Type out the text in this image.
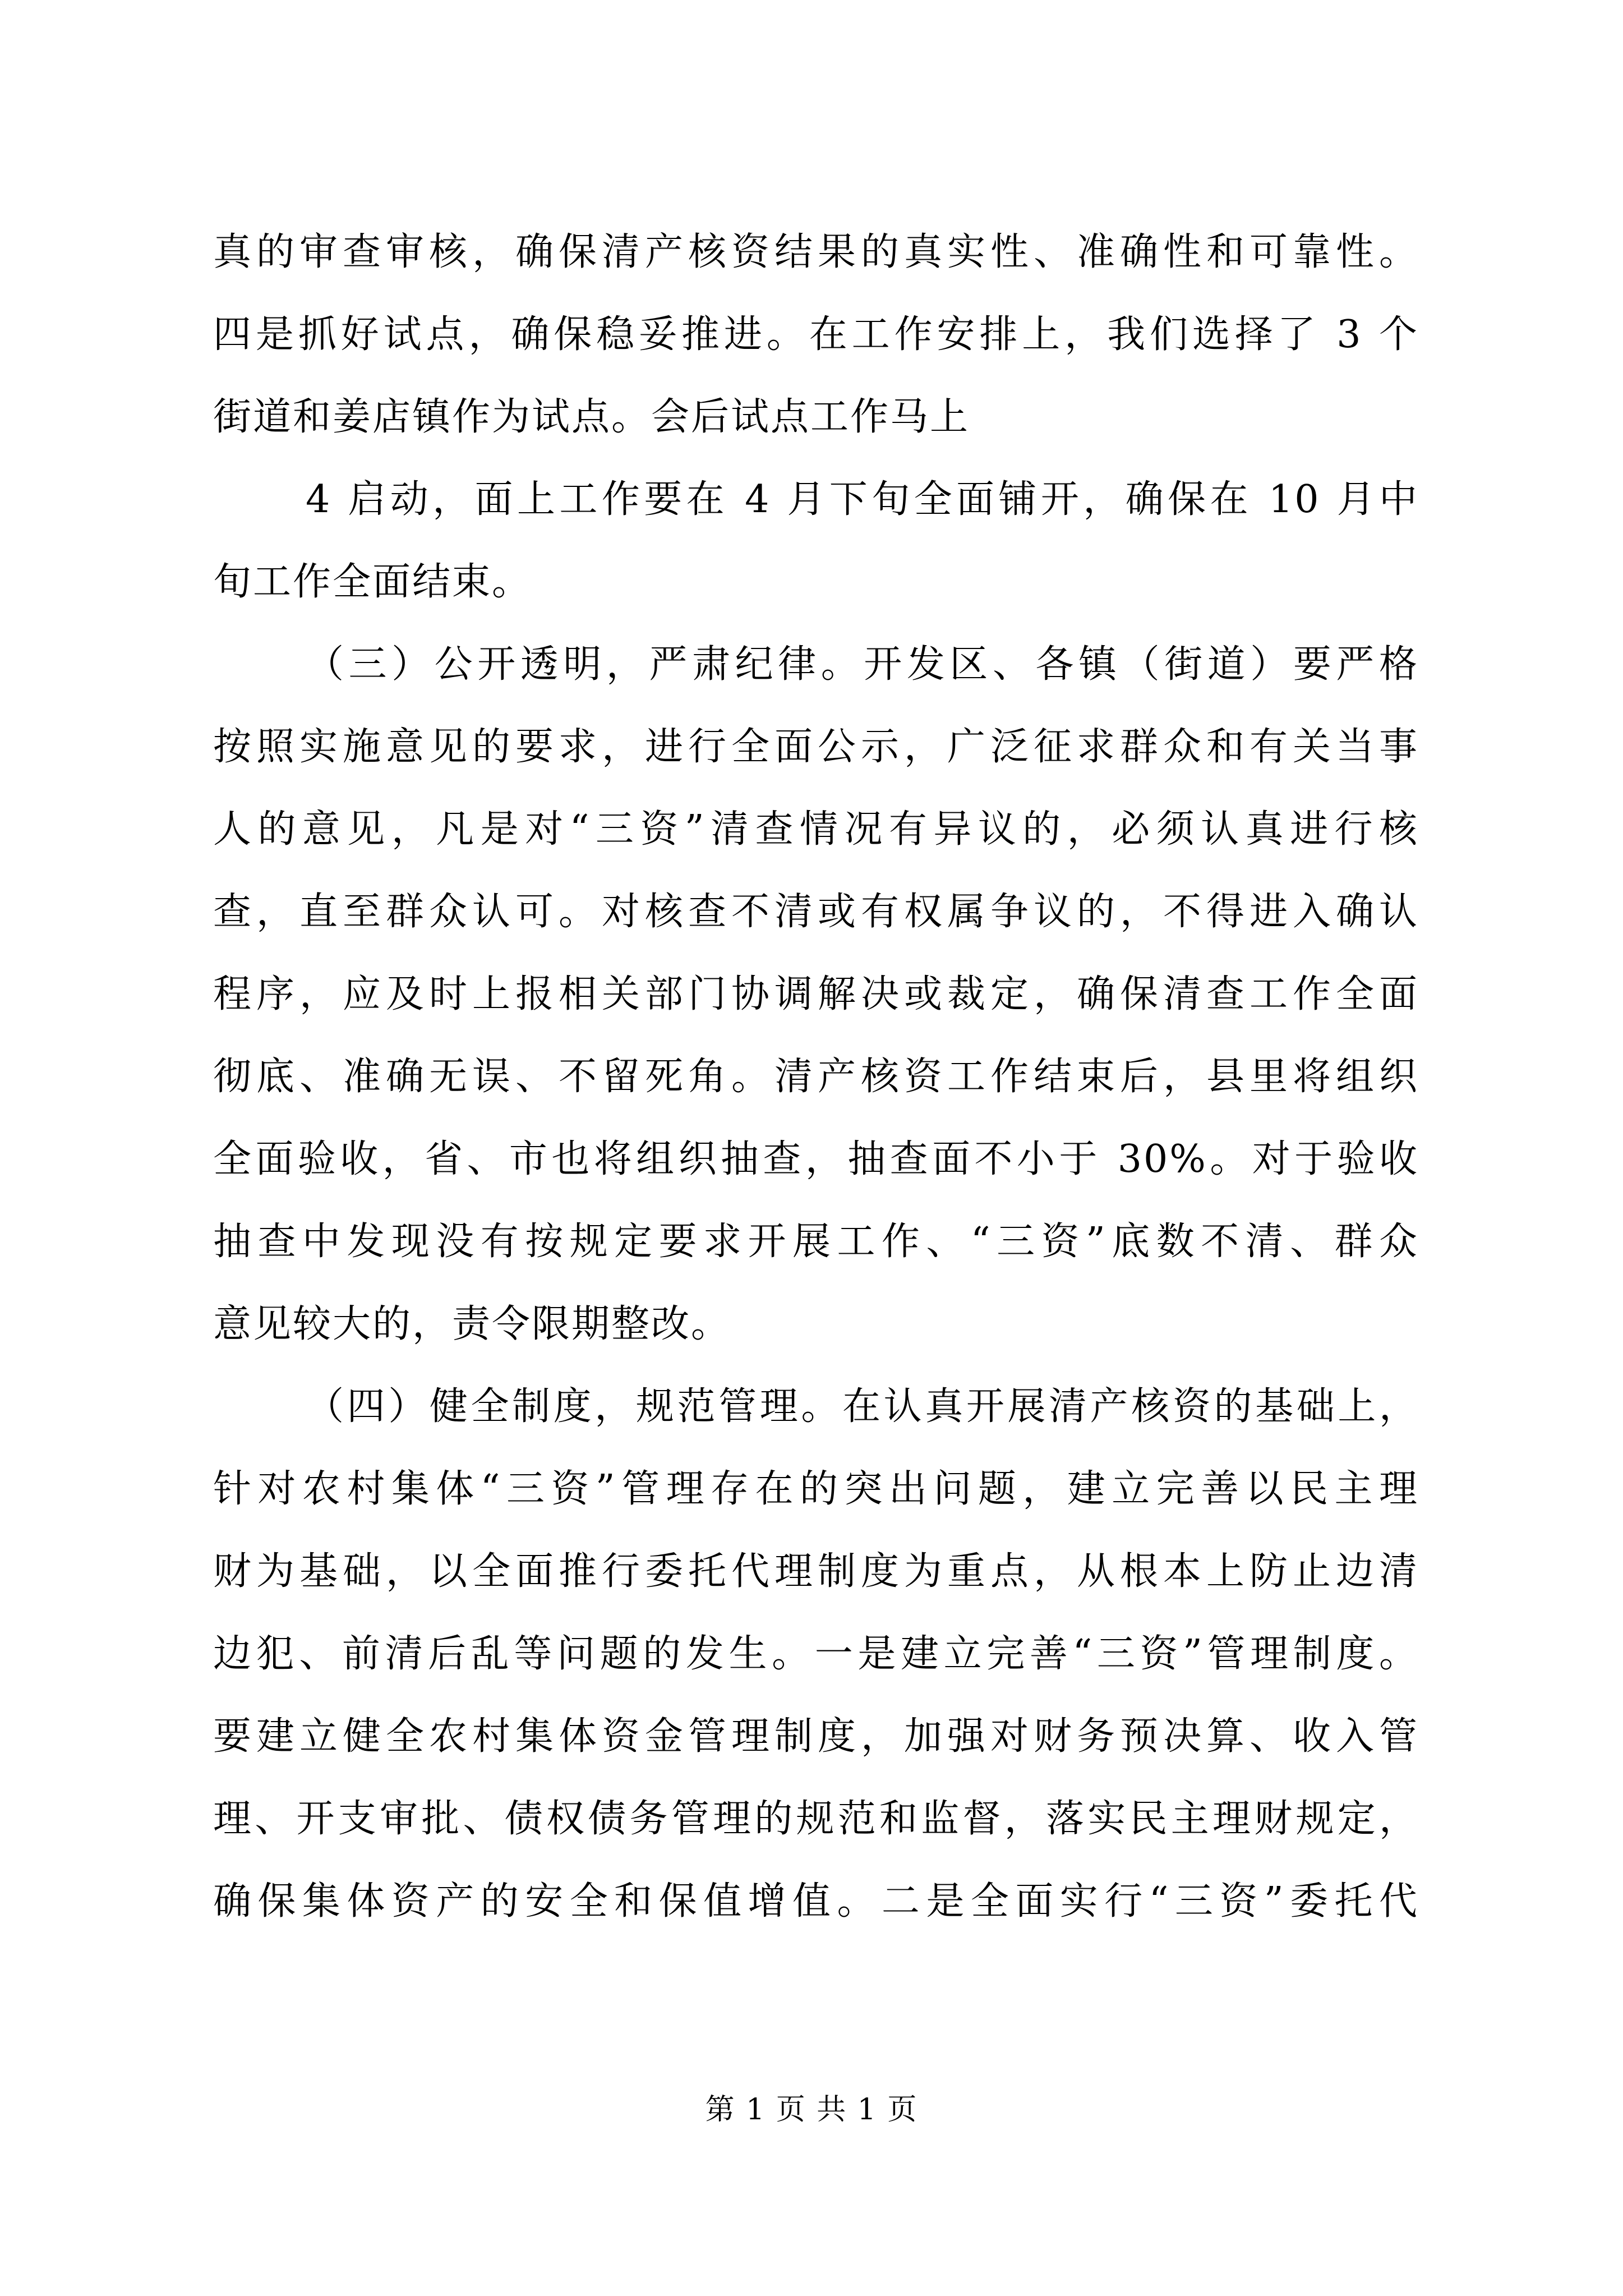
真的审查审核，确保清产核资结果的真实性、准确性和可靠性。
四是抓好试点，确保稳妥推进。在工作安排上，我们选择了 3 个
街道和姜店镇作为试点。会后试点工作马上
4 启动，面上工作要在 4 月下旬全面铺开，确保在 10 月中
旬工作全面结束。
（三）公开透明，严肃纪律。开发区、各镇（街道）要严格
按照实施意见的要求，进行全面公示，广泛征求群众和有关当事
人的意见，凡是对“三资”清查情况有异议的，必须认真进行核
查，直至群众认可。对核查不清或有权属争议的，不得进入确认
程序，应及时上报相关部门协调解决或裁定，确保清查工作全面
彻底、准确无误、不留死角。清产核资工作结束后，县里将组织
全面验收，省、市也将组织抽查，抽查面不小于 30%。对于验收
抽查中发现没有按规定要求开展工作、“三资”底数不清、群众
意见较大的，责令限期整改。
（四）健全制度，规范管理。在认真开展清产核资的基础上，
针对农村集体“三资”管理存在的突出问题，建立完善以民主理
财为基础，以全面推行委托代理制度为重点，从根本上防止边清
边犯、前清后乱等问题的发生。一是建立完善“三资”管理制度。
要建立健全农村集体资金管理制度，加强对财务预决算、收入管
理、开支审批、债权债务管理的规范和监督，落实民主理财规定，
确保集体资产的安全和保值增值。二是全面实行“三资”委托代
第 1 页 共 1 页
